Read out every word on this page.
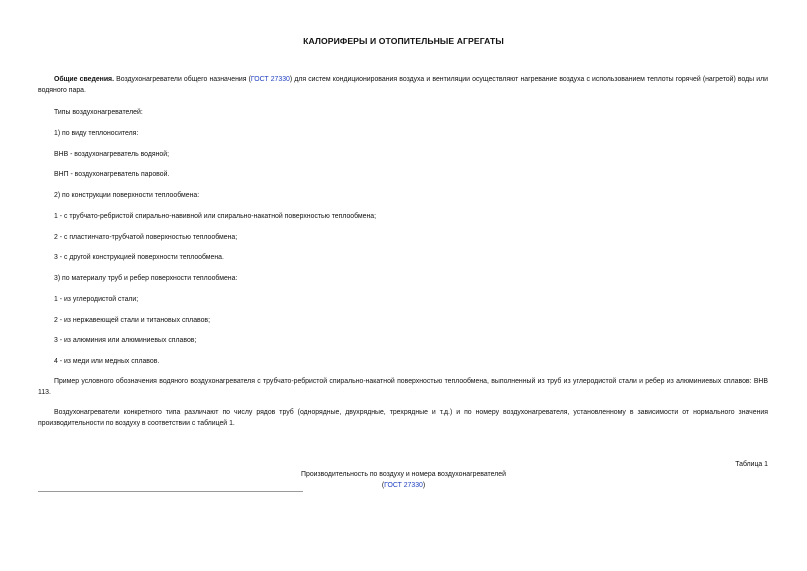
КАЛОРИФЕРЫ И ОТОПИТЕЛЬНЫЕ АГРЕГАТЫ
Общие сведения. Воздухонагреватели общего назначения (ГОСТ 27330) для систем кондиционирования воздуха и вентиляции осуществляют нагревание воздуха с использованием теплоты горячей (нагретой) воды или водяного пара.
Типы воздухонагревателей:
1) по виду теплоносителя:
ВНВ - воздухонагреватель водяной;
ВНП - воздухонагреватель паровой.
2) по конструкции поверхности теплообмена:
1 - с трубчато-ребристой спирально-навивной или спирально-накатной поверхностью теплообмена;
2 - с пластинчато-трубчатой поверхностью теплообмена;
3 - с другой конструкцией поверхности теплообмена.
3) по материалу труб и ребер поверхности теплообмена:
1 - из углеродистой стали;
2 - из нержавеющей стали и титановых сплавов;
3 - из алюминия или алюминиевых сплавов;
4 - из меди или медных сплавов.
Пример условного обозначения водяного воздухонагревателя с трубчато-ребристой спирально-накатной поверхностью теплообмена, выполненный из труб из углеродистой стали и ребер из алюминиевых сплавов: ВНВ 113.
Воздухонагреватели конкретного типа различают по числу рядов труб (однорядные, двухрядные, трехрядные и т.д.) и по номеру воздухонагревателя, установленному в зависимости от нормального значения производительности по воздуху в соответствии с таблицей 1.
Таблица 1
Производительность по воздуху и номера воздухонагревателей
(ГОСТ 27330)
